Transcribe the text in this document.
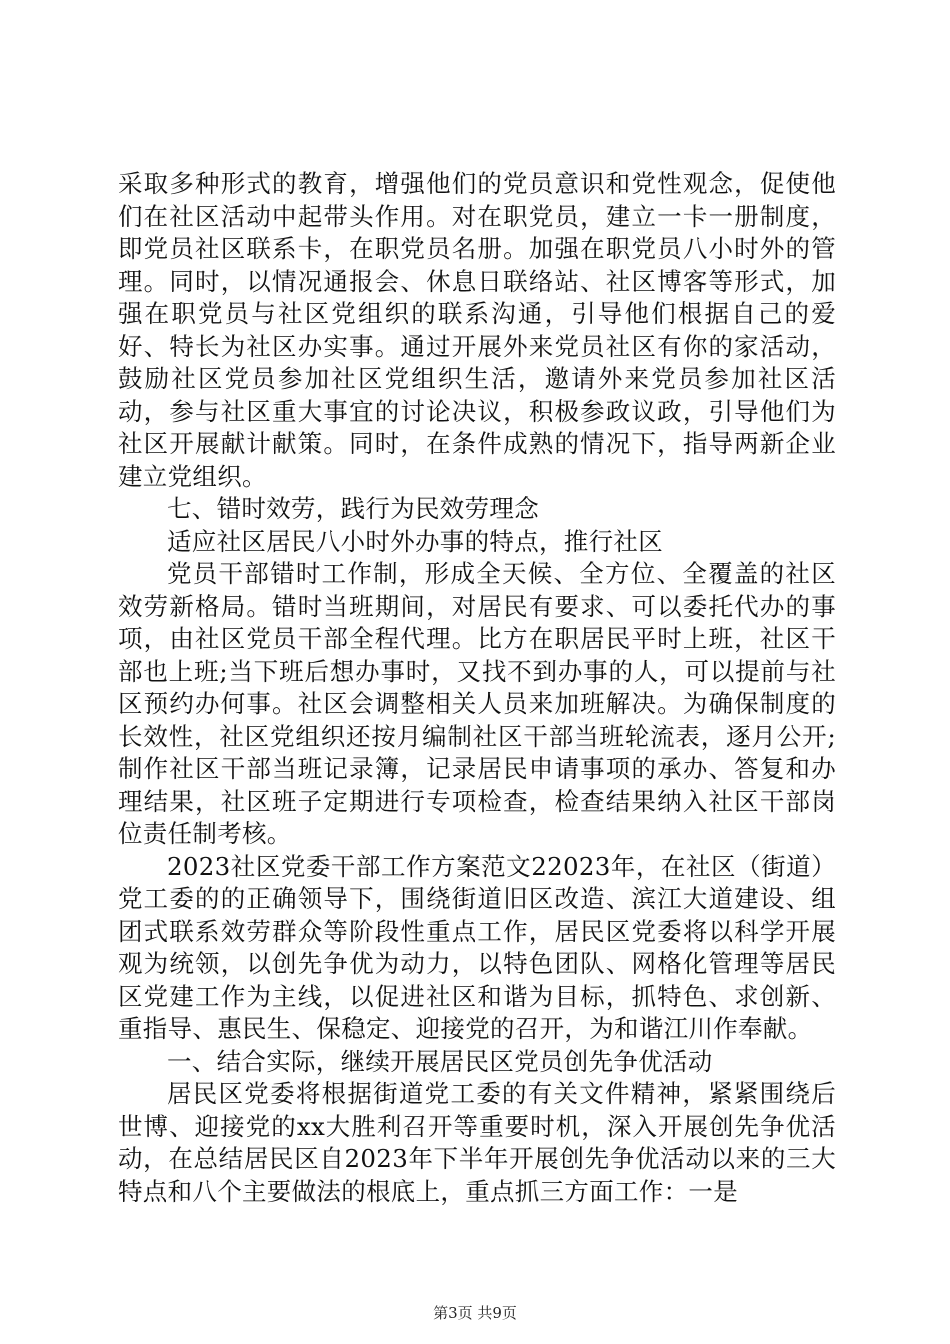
采取多种形式的教育，增强他们的党员意识和党性观念，促使他们在社区活动中起带头作用。对在职党员，建立一卡一册制度，即党员社区联系卡，在职党员名册。加强在职党员八小时外的管理。同时，以情况通报会、休息日联络站、社区博客等形式，加强在职党员与社区党组织的联系沟通，引导他们根据自己的爱好、特长为社区办实事。通过开展外来党员社区有你的家活动，鼓励社区党员参加社区党组织生活，邀请外来党员参加社区活动，参与社区重大事宜的讨论决议，积极参政议政，引导他们为社区开展献计献策。同时，在条件成熟的情况下，指导两新企业建立党组织。

七、错时效劳，践行为民效劳理念

适应社区居民八小时外办事的特点，推行社区

党员干部错时工作制，形成全天候、全方位、全覆盖的社区效劳新格局。错时当班期间，对居民有要求、可以委托代办的事项，由社区党员干部全程代理。比方在职居民平时上班，社区干部也上班;当下班后想办事时，又找不到办事的人，可以提前与社区预约办何事。社区会调整相关人员来加班解决。为确保制度的长效性，社区党组织还按月编制社区干部当班轮流表，逐月公开;制作社区干部当班记录簿，记录居民申请事项的承办、答复和办理结果，社区班子定期进行专项检查，检查结果纳入社区干部岗位责任制考核。

2023社区党委干部工作方案范文22023年，在社区（街道）党工委的的正确领导下，围绕街道旧区改造、滨江大道建设、组团式联系效劳群众等阶段性重点工作，居民区党委将以科学开展观为统领，以创先争优为动力，以特色团队、网格化管理等居民区党建工作为主线，以促进社区和谐为目标，抓特色、求创新、重指导、惠民生、保稳定、迎接党的召开，为和谐江川作奉献。

一、结合实际，继续开展居民区党员创先争优活动

居民区党委将根据街道党工委的有关文件精神，紧紧围绕后世博、迎接党的xx大胜利召开等重要时机，深入开展创先争优活动，在总结居民区自2023年下半年开展创先争优活动以来的三大特点和八个主要做法的根底上，重点抓三方面工作：一是

第3页 共9页
